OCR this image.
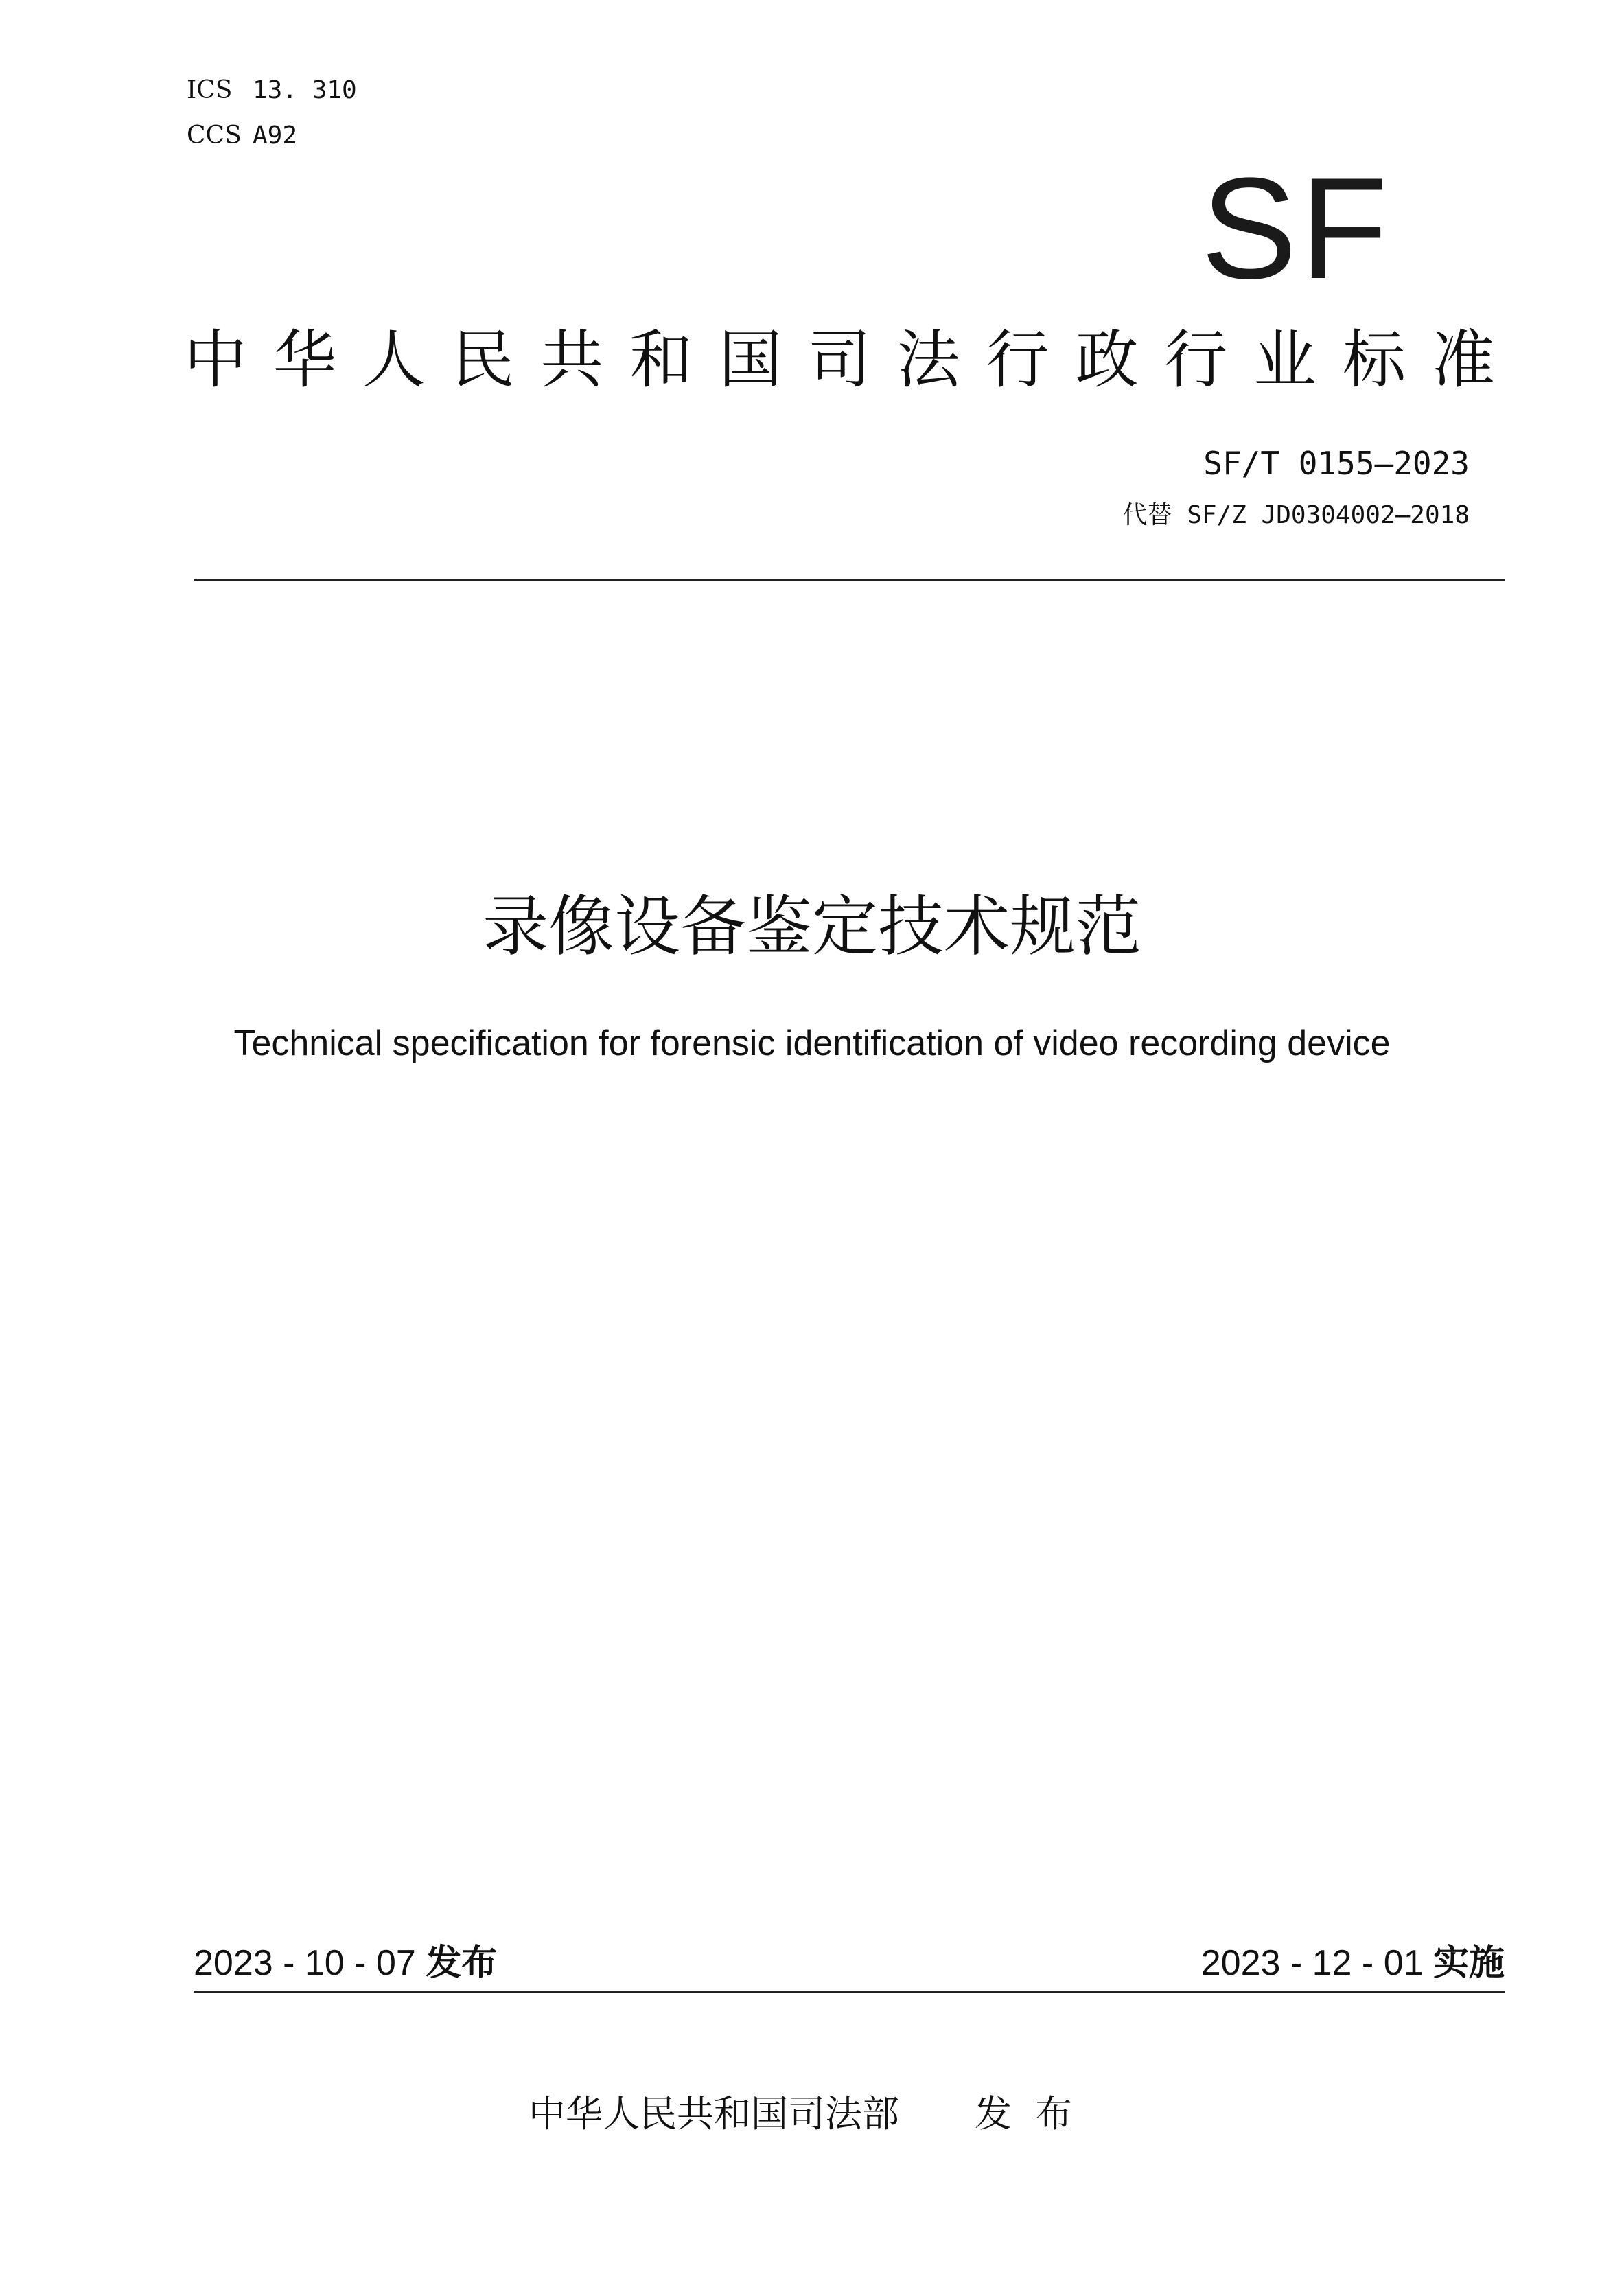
ICS 13. 310
CCS A92
SF
中 华 人 民 共 和 国 司 法 行 政 行 业 标 准
SF/T 0155—2023
代替 SF/Z JD0304002—2018
录像设备鉴定技术规范
Technical specification for forensic identification of video recording device
2023 - 10 - 07 发布	2023 - 12 - 01 实施
中华人民共和国司法部 发布
